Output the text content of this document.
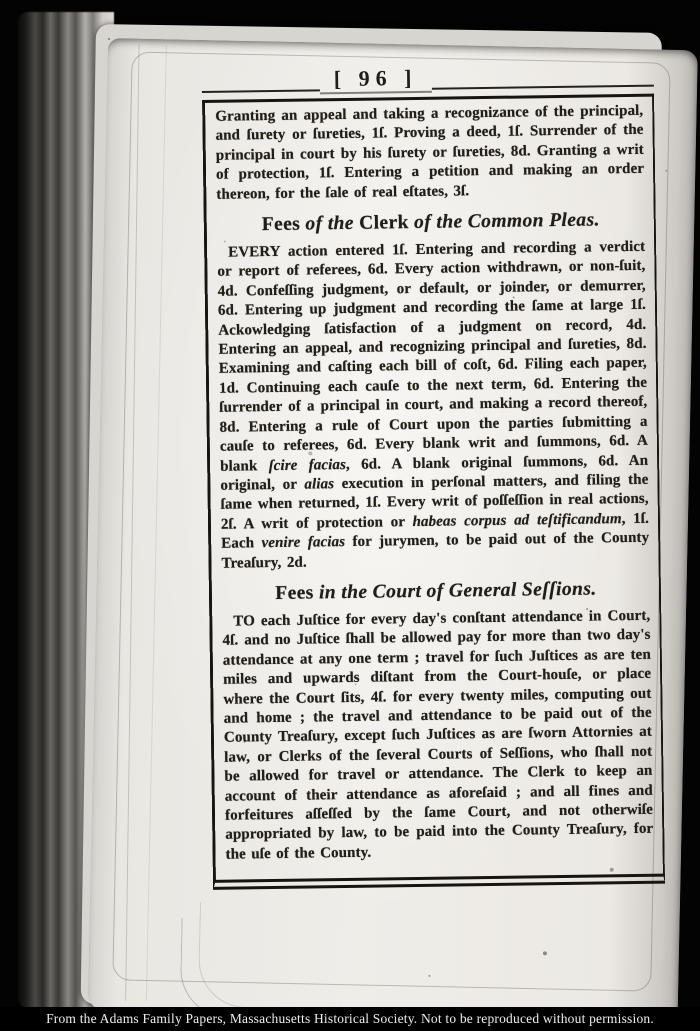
[ 96 ]

Granting an appeal and taking a recognizance of the principal, and ſurety or ſureties, 1ſ. Proving a deed, 1ſ. Surrender of the principal in court by his ſurety or ſureties, 8d. Granting a writ of protection, 1ſ. Entering a petition and making an order thereon, for the ſale of real eſtates, 3ſ.

Fees of the Clerk of the Common Pleas.

EVERY action entered 1ſ. Entering and recording a verdict or report of referees, 6d. Every action withdrawn, or non-ſuit, 4d. Confeſſing judgment, or default, or joinder, or demurrer, 6d. Entering up judgment and recording the ſame at large 1ſ. Ackowledging ſatisfaction of a judgment on record, 4d. Entering an appeal, and recognizing principal and ſureties, 8d. Examining and caſting each bill of coſt, 6d. Filing each paper, 1d. Continuing each cauſe to the next term, 6d. Entering the ſurrender of a principal in court, and making a record thereof, 8d. Entering a rule of Court upon the parties ſubmitting a cauſe to referees, 6d. Every blank writ and ſummons, 6d. A blank ſcire facias, 6d. A blank original ſummons, 6d. An original, or alias execution in perſonal matters, and filing the ſame when returned, 1ſ. Every writ of poſſeſſion in real actions, 2ſ. A writ of protection or habeas corpus ad teſtificandum, 1ſ. Each venire facias for jurymen, to be paid out of the County Treaſury, 2d.

Fees in the Court of General Seſſions.

TO each Juſtice for every day's conſtant attendance in Court, 4ſ. and no Juſtice ſhall be allowed pay for more than two day's attendance at any one term ; travel for ſuch Juſtices as are ten miles and upwards diſtant from the Court-houſe, or place where the Court ſits, 4ſ. for every twenty miles, computing out and home ; the travel and attendance to be paid out of the County Treaſury, except ſuch Juſtices as are ſworn Attornies at law, or Clerks of the ſeveral Courts of Seſſions, who ſhall not be allowed for travel or attendance. The Clerk to keep an account of their attendance as aforeſaid ; and all fines and forfeitures aſſeſſed by the ſame Court, and not otherwiſe appropriated by law, to be paid into the County Treaſury, for the uſe of the County.

From the Adams Family Papers, Massachusetts Historical Society. Not to be reproduced without permission.
